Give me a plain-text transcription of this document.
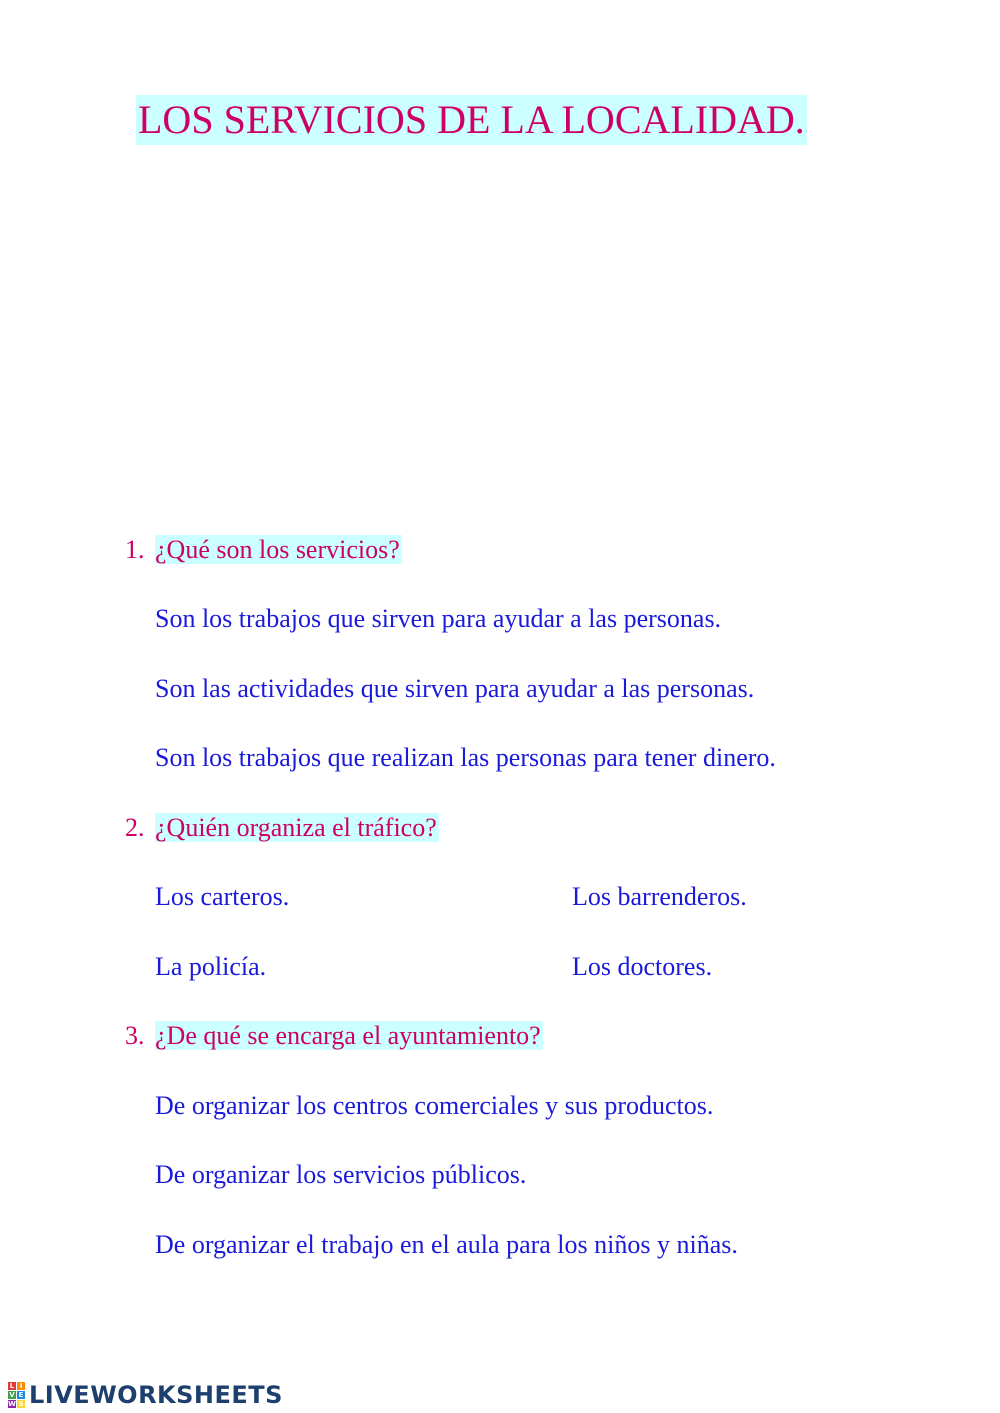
LOS SERVICIOS DE LA LOCALIDAD.
1. ¿Qué son los servicios?
Son los trabajos que sirven para ayudar a las personas.
Son las actividades que sirven para ayudar a las personas.
Son los trabajos que realizan las personas para tener dinero.
2. ¿Quién organiza el tráfico?
Los carteros.	Los barrenderos.
La policía.	Los doctores.
3. ¿De qué se encarga el ayuntamiento?
De organizar los centros comerciales y sus productos.
De organizar los servicios públicos.
De organizar el trabajo en el aula para los niños y niñas.
L I
V E
W S LIVEWORKSHEETS
